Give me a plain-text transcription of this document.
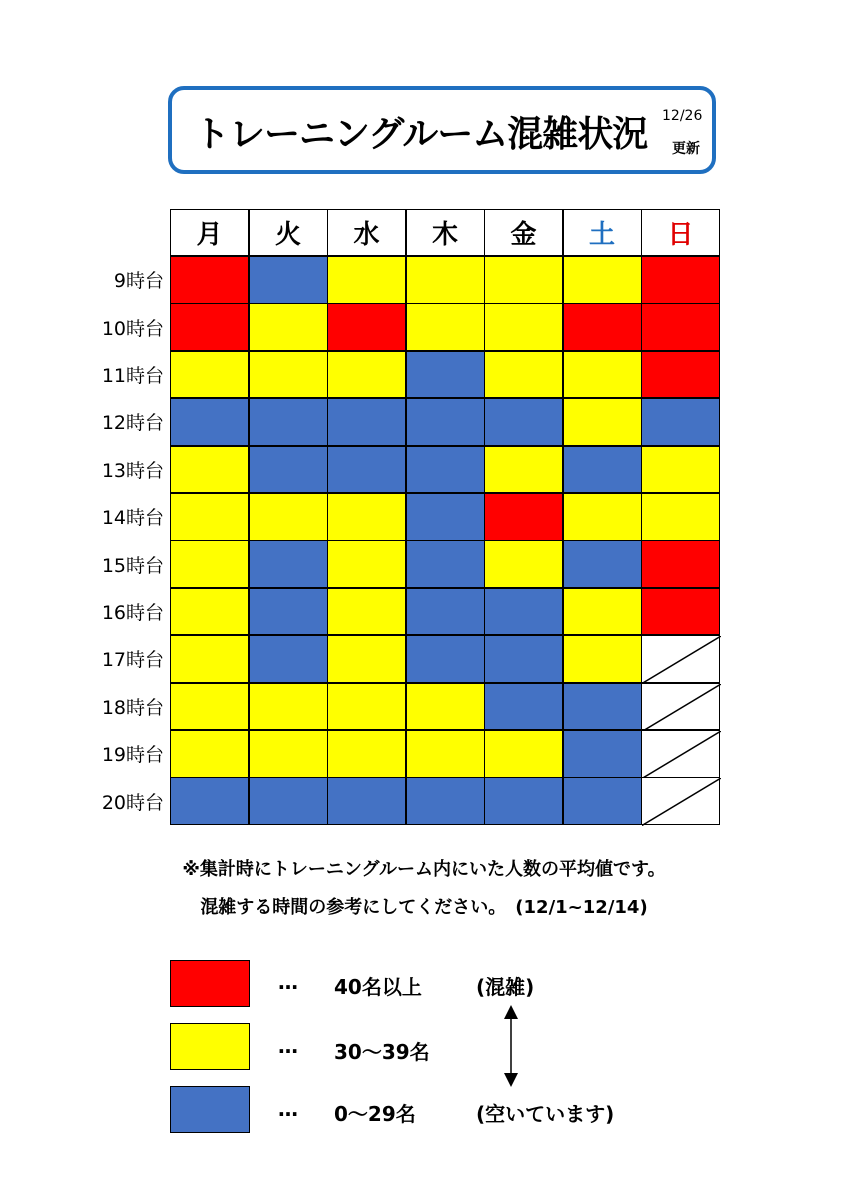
トレーニングルーム混雑状況 12/26
更新
月	火	水	木	金	土	日
9時台
10時台
11時台
12時台
13時台
14時台
15時台
16時台
17時台
18時台
19時台
20時台
※集計時にトレーニングルーム内にいた人数の平均値です。
混雑する時間の参考にしてください。　(12/1~12/14)
… 40名以上	(混雑)
… 30〜39名
… 0〜29名	(空いています)
